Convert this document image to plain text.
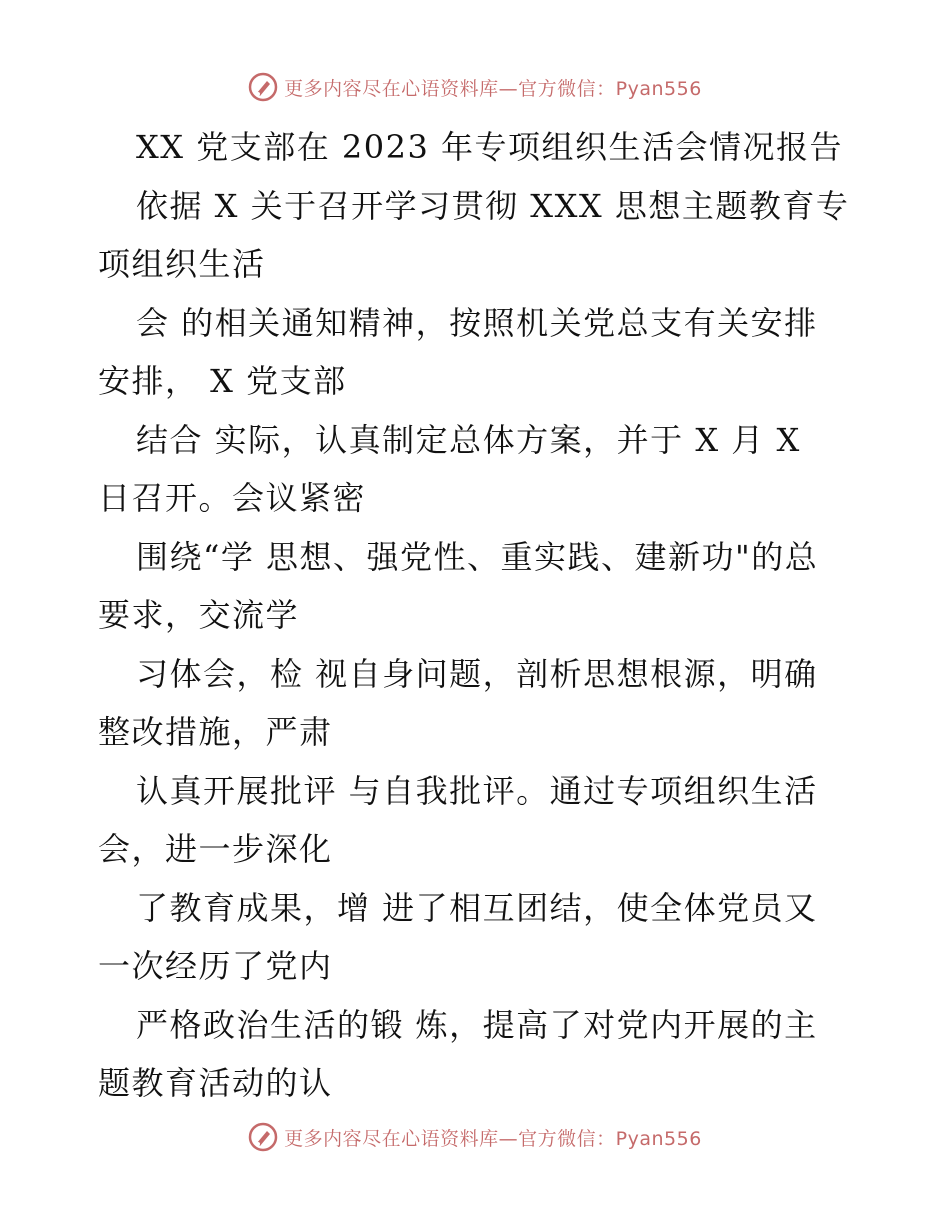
更多内容尽在心语资料库—官方微信：Pyan556
XX 党支部在 2023 年专项组织生活会情况报告
依据 X 关于召开学习贯彻 XXX 思想主题教育专
项组织生活
会 的相关通知精神，按照机关党总支有关安排
安排， X 党支部
结合 实际，认真制定总体方案，并于 X 月 X
日召开。会议紧密
围绕“学 思想、强党性、重实践、建新功"的总
要求，交流学
习体会，检 视自身问题，剖析思想根源，明确
整改措施，严肃
认真开展批评 与自我批评。通过专项组织生活
会，进一步深化
了教育成果，增 进了相互团结，使全体党员又
一次经历了党内
严格政治生活的锻 炼，提高了对党内开展的主
题教育活动的认
更多内容尽在心语资料库—官方微信：Pyan556
